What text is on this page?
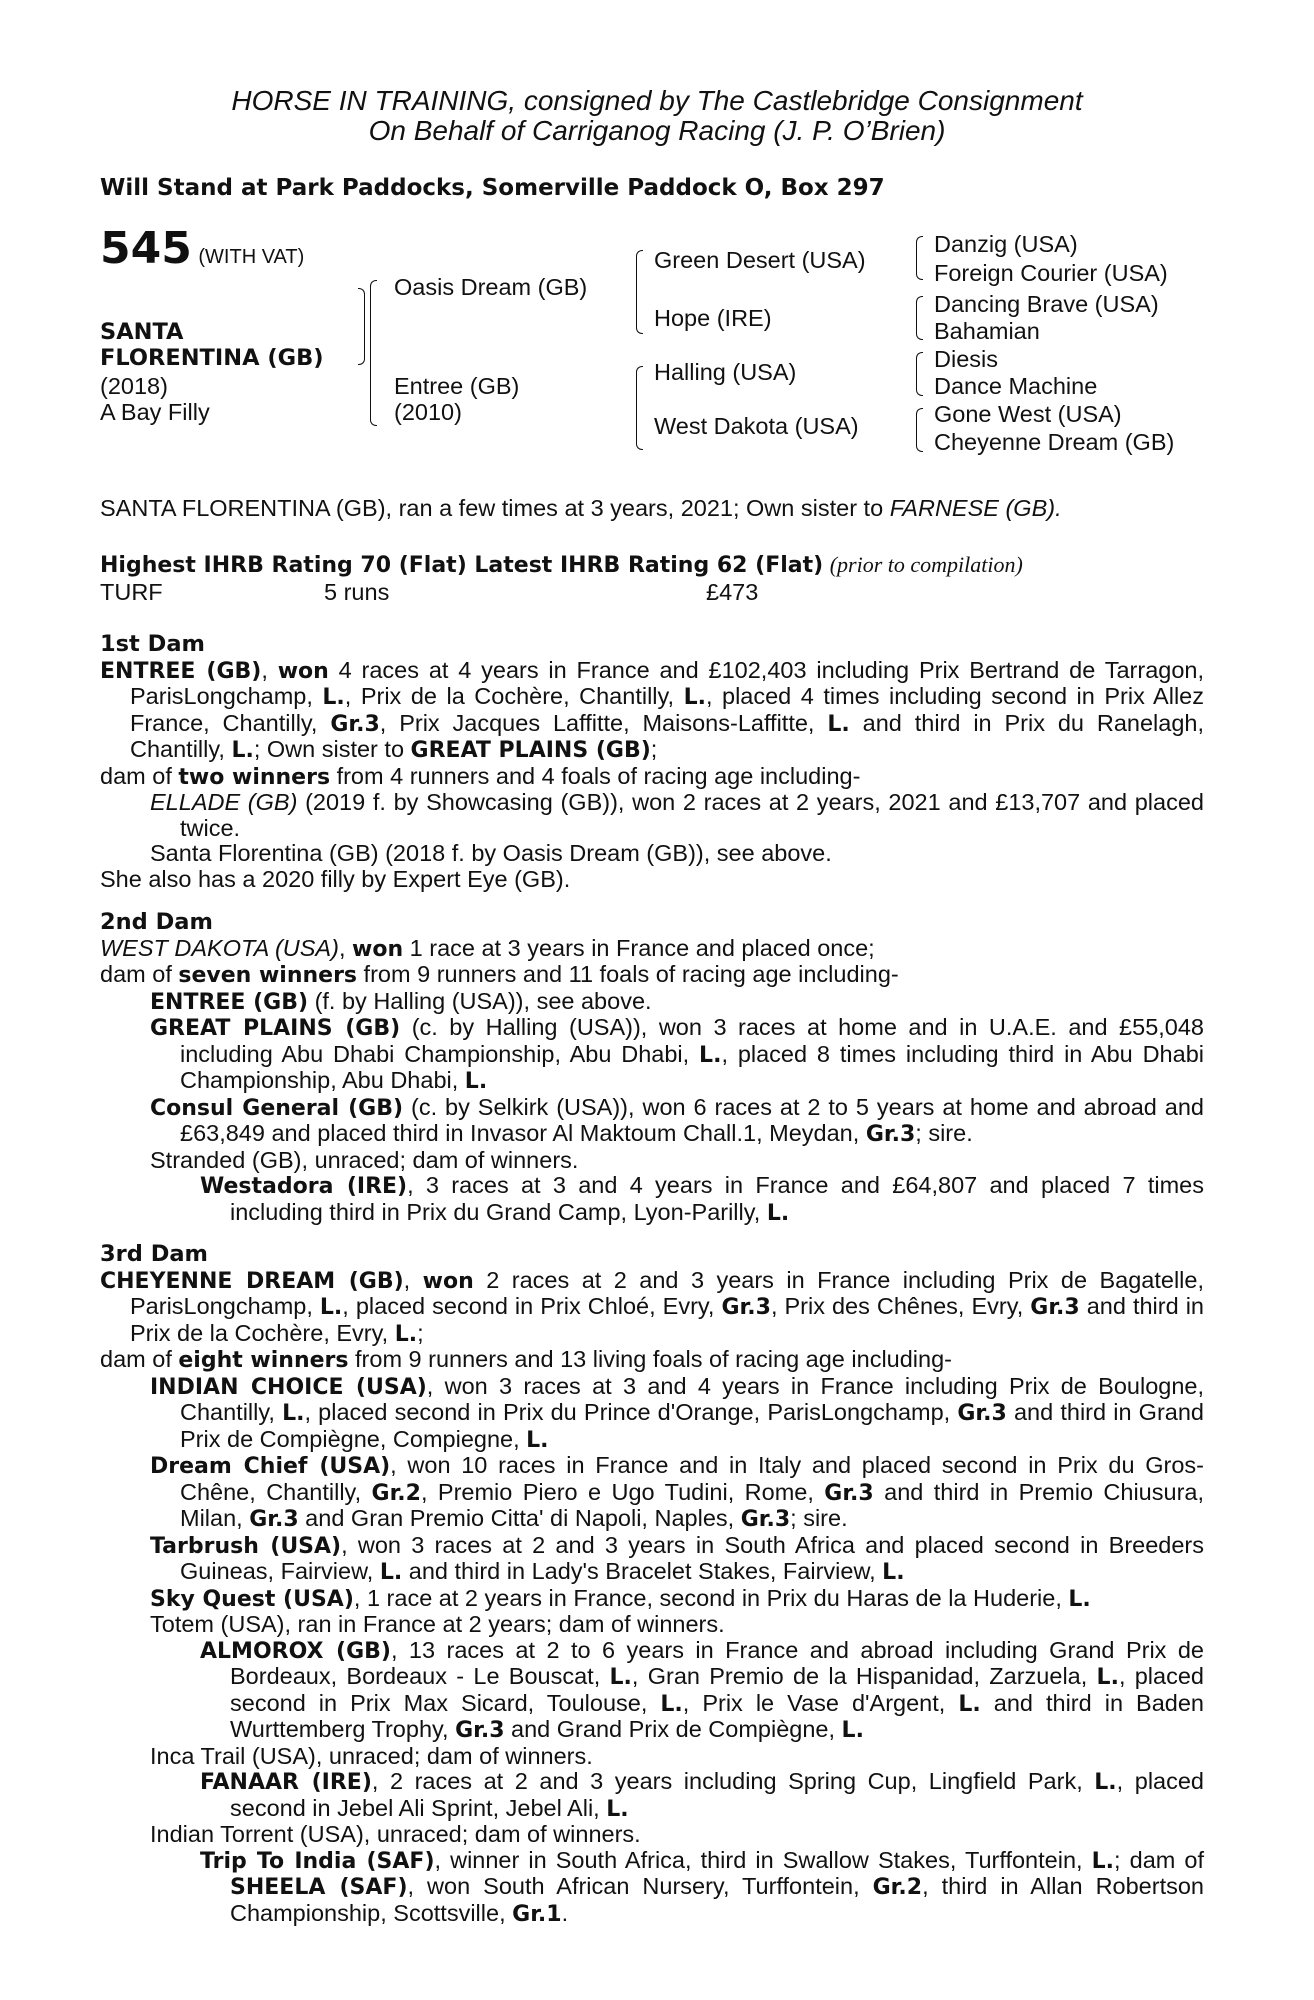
HORSE IN TRAINING, consigned by The Castlebridge Consignment
On Behalf of Carriganog Racing (J. P. O’Brien)
Will Stand at Park Paddocks, Somerville Paddock O, Box 297
545 (WITH VAT)
SANTA
FLORENTINA (GB)
(2018)
A Bay Filly
Oasis Dream (GB)
Entree (GB)
(2010)
Green Desert (USA)
Hope (IRE)
Halling (USA)
West Dakota (USA)
Danzig (USA)
Foreign Courier (USA)
Dancing Brave (USA)
Bahamian
Diesis
Dance Machine
Gone West (USA)
Cheyenne Dream (GB)
SANTA FLORENTINA (GB), ran a few times at 3 years, 2021; Own sister to FARNESE (GB).
Highest IHRB Rating 70 (Flat) Latest IHRB Rating 62 (Flat) (prior to compilation)
TURF	5 runs	£473

1st Dam

ENTREE (GB), won 4 races at 4 years in France and £102,403 including Prix Bertrand de Tarragon, ParisLongchamp, L., Prix de la Cochère, Chantilly, L., placed 4 times including second in Prix Allez France, Chantilly, Gr.3, Prix Jacques Laffitte, Maisons-Laffitte, L. and third in Prix du Ranelagh, Chantilly, L.; Own sister to GREAT PLAINS (GB);

dam of two winners from 4 runners and 4 foals of racing age including-

ELLADE (GB) (2019 f. by Showcasing (GB)), won 2 races at 2 years, 2021 and £13,707 and placed twice.

Santa Florentina (GB) (2018 f. by Oasis Dream (GB)), see above.

She also has a 2020 filly by Expert Eye (GB).

2nd Dam

WEST DAKOTA (USA), won 1 race at 3 years in France and placed once;

dam of seven winners from 9 runners and 11 foals of racing age including-

ENTREE (GB) (f. by Halling (USA)), see above.

GREAT PLAINS (GB) (c. by Halling (USA)), won 3 races at home and in U.A.E. and £55,048 including Abu Dhabi Championship, Abu Dhabi, L., placed 8 times including third in Abu Dhabi Championship, Abu Dhabi, L.

Consul General (GB) (c. by Selkirk (USA)), won 6 races at 2 to 5 years at home and abroad and £63,849 and placed third in Invasor Al Maktoum Chall.1, Meydan, Gr.3; sire.

Stranded (GB), unraced; dam of winners.

Westadora (IRE), 3 races at 3 and 4 years in France and £64,807 and placed 7 times including third in Prix du Grand Camp, Lyon-Parilly, L.

3rd Dam

CHEYENNE DREAM (GB), won 2 races at 2 and 3 years in France including Prix de Bagatelle, ParisLongchamp, L., placed second in Prix Chloé, Evry, Gr.3, Prix des Chênes, Evry, Gr.3 and third in Prix de la Cochère, Evry, L.;

dam of eight winners from 9 runners and 13 living foals of racing age including-

INDIAN CHOICE (USA), won 3 races at 3 and 4 years in France including Prix de Boulogne, Chantilly, L., placed second in Prix du Prince d'Orange, ParisLongchamp, Gr.3 and third in Grand Prix de Compiègne, Compiegne, L.

Dream Chief (USA), won 10 races in France and in Italy and placed second in Prix du Gros-Chêne, Chantilly, Gr.2, Premio Piero e Ugo Tudini, Rome, Gr.3 and third in Premio Chiusura, Milan, Gr.3 and Gran Premio Citta' di Napoli, Naples, Gr.3; sire.

Tarbrush (USA), won 3 races at 2 and 3 years in South Africa and placed second in Breeders Guineas, Fairview, L. and third in Lady's Bracelet Stakes, Fairview, L.

Sky Quest (USA), 1 race at 2 years in France, second in Prix du Haras de la Huderie, L.

Totem (USA), ran in France at 2 years; dam of winners.

ALMOROX (GB), 13 races at 2 to 6 years in France and abroad including Grand Prix de Bordeaux, Bordeaux - Le Bouscat, L., Gran Premio de la Hispanidad, Zarzuela, L., placed second in Prix Max Sicard, Toulouse, L., Prix le Vase d'Argent, L. and third in Baden Wurttemberg Trophy, Gr.3 and Grand Prix de Compiègne, L.

Inca Trail (USA), unraced; dam of winners.

FANAAR (IRE), 2 races at 2 and 3 years including Spring Cup, Lingfield Park, L., placed second in Jebel Ali Sprint, Jebel Ali, L.

Indian Torrent (USA), unraced; dam of winners.

Trip To India (SAF), winner in South Africa, third in Swallow Stakes, Turffontein, L.; dam of SHEELA (SAF), won South African Nursery, Turffontein, Gr.2, third in Allan Robertson Championship, Scottsville, Gr.1.
